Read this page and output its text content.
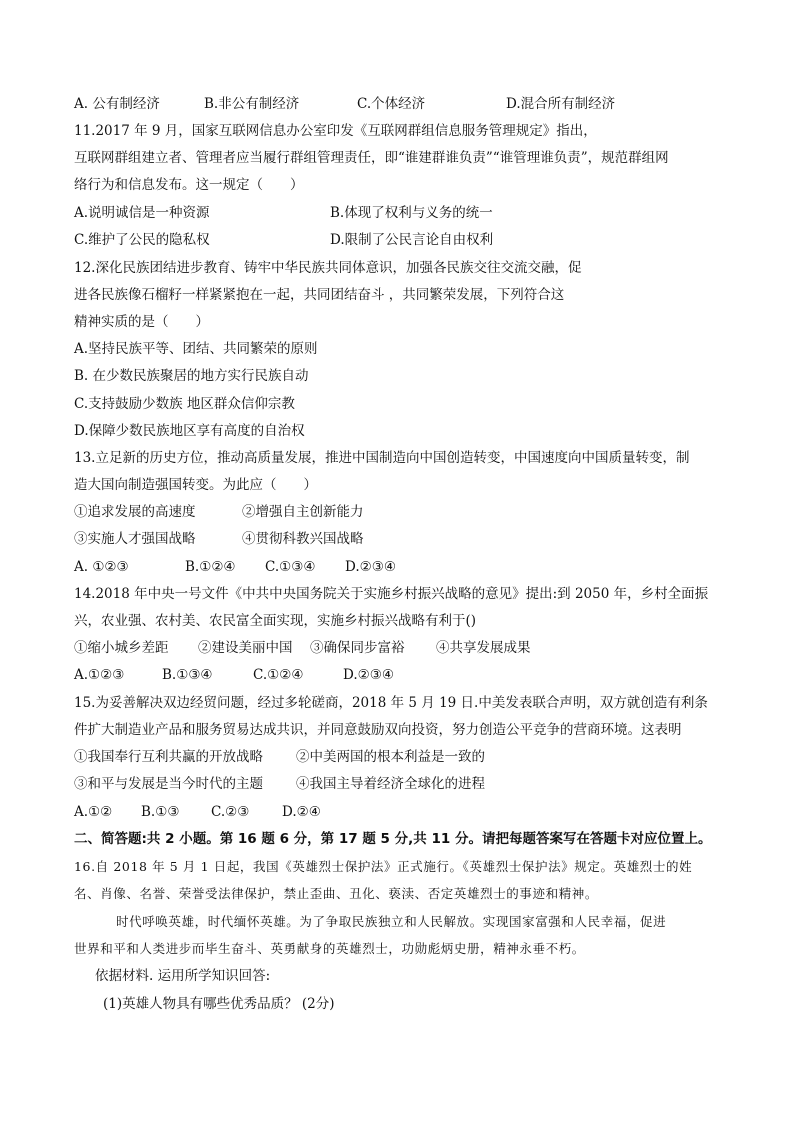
A. 公有制经济	B.非公有制经济	C.个体经济	D.混合所有制经济
11.2017 年 9 月，国家互联网信息办公室印发《互联网群组信息服务管理规定》指出，
互联网群组建立者、管理者应当履行群组管理责任，即“谁建群谁负责”“谁管理谁负责”，规范群组网
络行为和信息发布。这一规定（　　）
A.说明诚信是一种资源	B.体现了权利与义务的统一
C.维护了公民的隐私权	D.限制了公民言论自由权利
12.深化民族团结进步教育、铸牢中华民族共同体意识，加强各民族交往交流交融，促
进各民族像石榴籽一样紧紧抱在一起，共同团结奋斗 ，共同繁荣发展，下列符合这
精神实质的是（　　）
A.坚持民族平等、团结、共同繁荣的原则
B. 在少数民族聚居的地方实行民族自动
C.支持鼓励少数族 地区群众信仰宗教
D.保障少数民族地区享有高度的自治权
13.立足新的历史方位，推动高质量发展，推进中国制造向中国创造转变，中国速度向中国质量转变，制
造大国向制造强国转变。为此应（　　）
①追求发展的高速度	②增强自主创新能力
③实施人才强国战略	④贯彻科教兴国战略
A. ①②③	B.①②④ C.①③④ D.②③④
14.2018 年中央一号文件《中共中央国务院关于实施乡村振兴战略的意见》提出:到 2050 年，乡村全面振
兴，农业强、农村美、农民富全面实现，实施乡村振兴战略有利于()
①缩小城乡差距 ②建设美丽中国 ③确保同步富裕 ④共享发展成果
A.①②③	B.①③④	C.①②④	D.②③④
15.为妥善解决双边经贸问题，经过多轮磋商，2018 年 5 月 19 日.中美发表联合声明，双方就创造有利条
件扩大制造业产品和服务贸易达成共识，并同意鼓励双向投资，努力创造公平竞争的营商环境。这表明
①我国奉行互利共赢的开放战略 ②中美两国的根本利益是一致的
③和平与发展是当今时代的主题 ④我国主导着经济全球化的进程
A.①② B.①③ C.②③ D.②④
二、简答题:共 2 小题。第 16 题 6 分，第 17 题 5 分,共 11 分。请把每题答案写在答题卡对应位置上。
16.自 2018 年 5 月 1 日起，我国《英雄烈士保护法》正式施行。《英雄烈士保护法》规定。英雄烈士的姓
名、肖像、名誉、荣誉受法律保护，禁止歪曲、丑化、亵渎、否定英雄烈士的事迹和精神。
时代呼唤英雄，时代缅怀英雄。为了争取民族独立和人民解放。实现国家富强和人民幸福，促进
世界和平和人类进步而毕生奋斗、英勇献身的英雄烈士，功勋彪炳史册，精神永垂不朽。
依据材料. 运用所学知识回答:
(1)英雄人物具有哪些优秀品质？ (2分)
